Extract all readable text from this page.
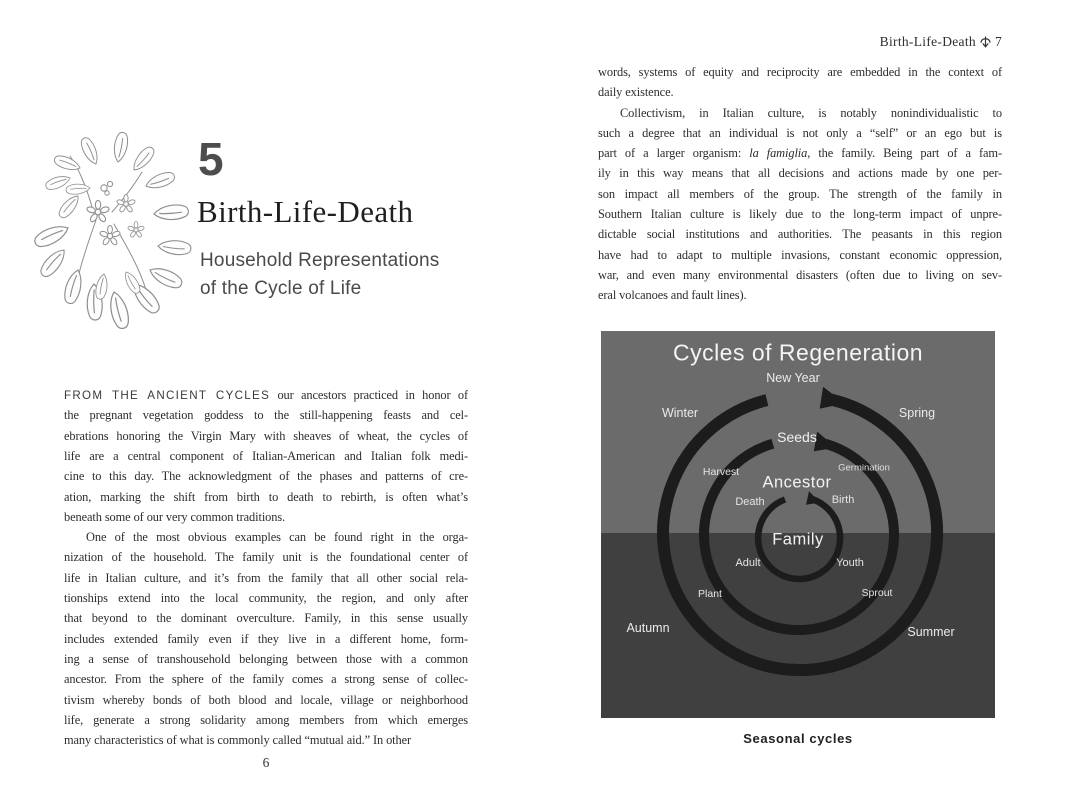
5
Birth-Life-Death
Household Representations
of the Cycle of Life
FROM THE ANCIENT CYCLES our ancestors practiced in honor of
the pregnant vegetation goddess to the still-happening feasts and cel-
ebrations honoring the Virgin Mary with sheaves of wheat, the cycles of
life are a central component of Italian-American and Italian folk medi-
cine to this day. The acknowledgment of the phases and patterns of cre-
ation, marking the shift from birth to death to rebirth, is often what’s
beneath some of our very common traditions.
One of the most obvious examples can be found right in the orga-
nization of the household. The family unit is the foundational center of
life in Italian culture, and it’s from the family that all other social rela-
tionships extend into the local community, the region, and only after
that beyond to the dominant overculture. Family, in this sense usually
includes extended family even if they live in a different home, form-
ing a sense of transhousehold belonging between those with a common
ancestor. From the sphere of the family comes a strong sense of collec-
tivism whereby bonds of both blood and locale, village or neighborhood
life, generate a strong solidarity among members from which emerges
many characteristics of what is commonly called “mutual aid.” In other
6
Birth-Life-Death 7
words, systems of equity and reciprocity are embedded in the context of
daily existence.
Collectivism, in Italian culture, is notably nonindividualistic to
such a degree that an individual is not only a “self” or an ego but is
part of a larger organism: la famiglia, the family. Being part of a fam-
ily in this way means that all decisions and actions made by one per-
son impact all members of the group. The strength of the family in
Southern Italian culture is likely due to the long-term impact of unpre-
dictable social institutions and authorities. The peasants in this region
have had to adapt to multiple invasions, constant economic oppression,
war, and even many environmental disasters (often due to living on sev-
eral volcanoes and fault lines).
Cycles of Regeneration
New Year
Winter	Spring
Seeds
Harvest	Germination
Ancestor
Death	Birth
Family
Adult	Youth
Plant	Sprout
Autumn	Summer
Seasonal cycles
